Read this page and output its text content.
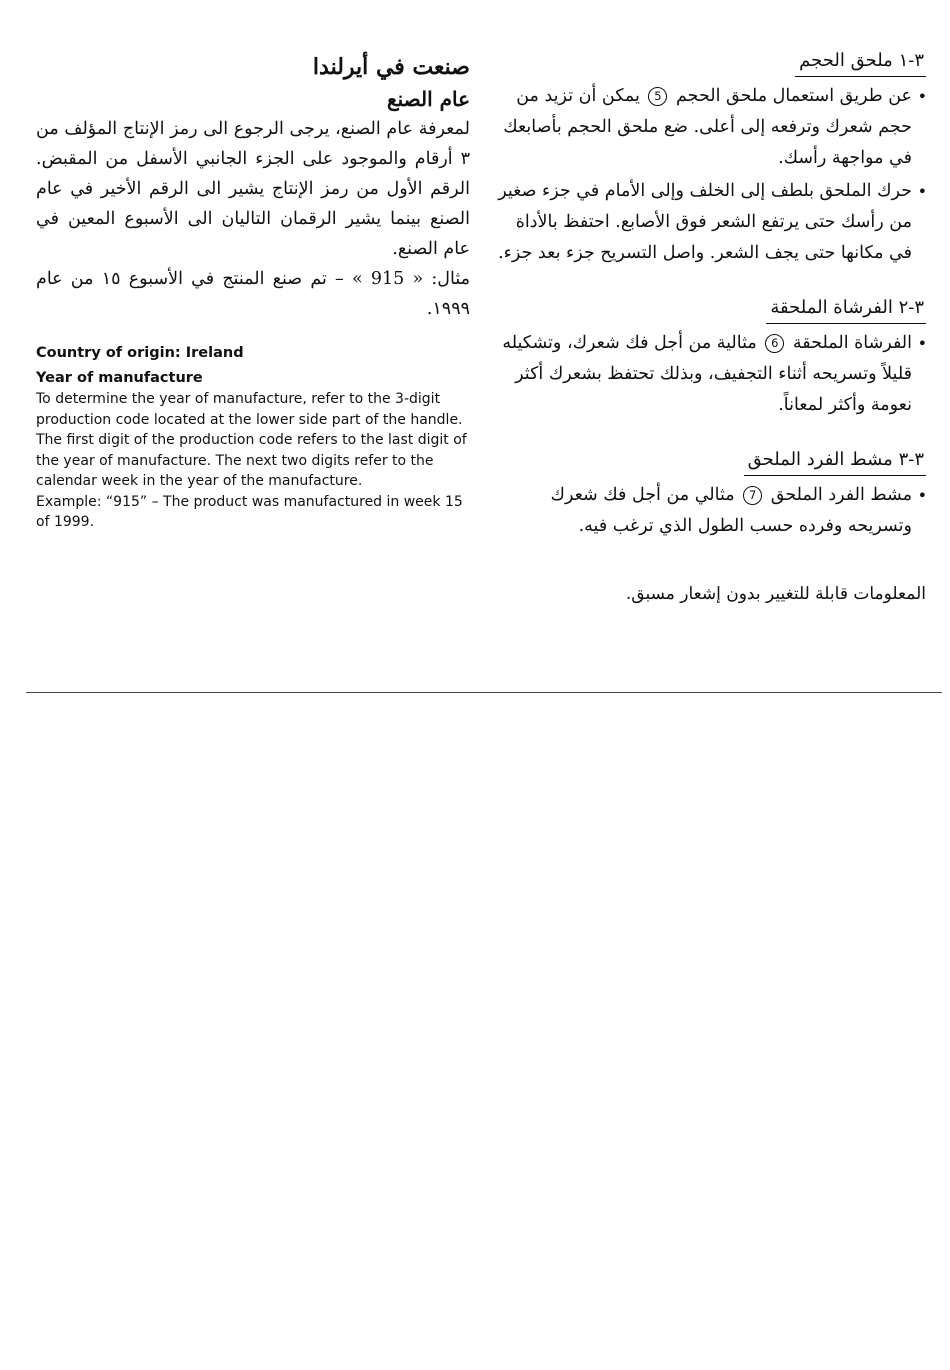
٣-١ ملحق الحجم
• عن طريق استعمال ملحق الحجم 5 يمكن أن تزيد من حجم شعرك وترفعه إلى أعلى. ضع ملحق الحجم بأصابعك في مواجهة رأسك.
• حرك الملحق بلطف إلى الخلف وإلى الأمام في جزء صغير من رأسك حتى يرتفع الشعر فوق الأصابع. احتفظ بالأداة في مكانها حتى يجف الشعر. واصل التسريح جزء بعد جزء.
٣-٢ الفرشاة الملحقة
• الفرشاة الملحقة 6 مثالية من أجل فك شعرك، وتشكيله قليلاً وتسريحه أثناء التجفيف، وبذلك تحتفظ بشعرك أكثر نعومة وأكثر لمعاناً.
٣-٣ مشط الفرد الملحق
• مشط الفرد الملحق 7 مثالي من أجل فك شعرك وتسريحه وفرده حسب الطول الذي ترغب فيه.
المعلومات قابلة للتغيير بدون إشعار مسبق.
صنعت في أيرلندا
عام الصنع
لمعرفة عام الصنع، يرجى الرجوع الى رمز الإنتاج المؤلف من ٣ أرقام والموجود على الجزء الجانبي الأسفل من المقبض. الرقم الأول من رمز الإنتاج يشير الى الرقم الأخير في عام الصنع بينما يشير الرقمان التاليان الى الأسبوع المعين في عام الصنع.
مثال: « 915 » – تم صنع المنتج في الأسبوع ١٥ من عام ١٩٩٩.
Country of origin: Ireland
Year of manufacture
To determine the year of manufacture, refer to the 3-digit production code located at the lower side part of the handle. The first digit of the production code refers to the last digit of the year of manufacture. The next two digits refer to the calendar week in the year of the manufacture.
Example: “915” – The product was manufactured in week 15 of 1999.
